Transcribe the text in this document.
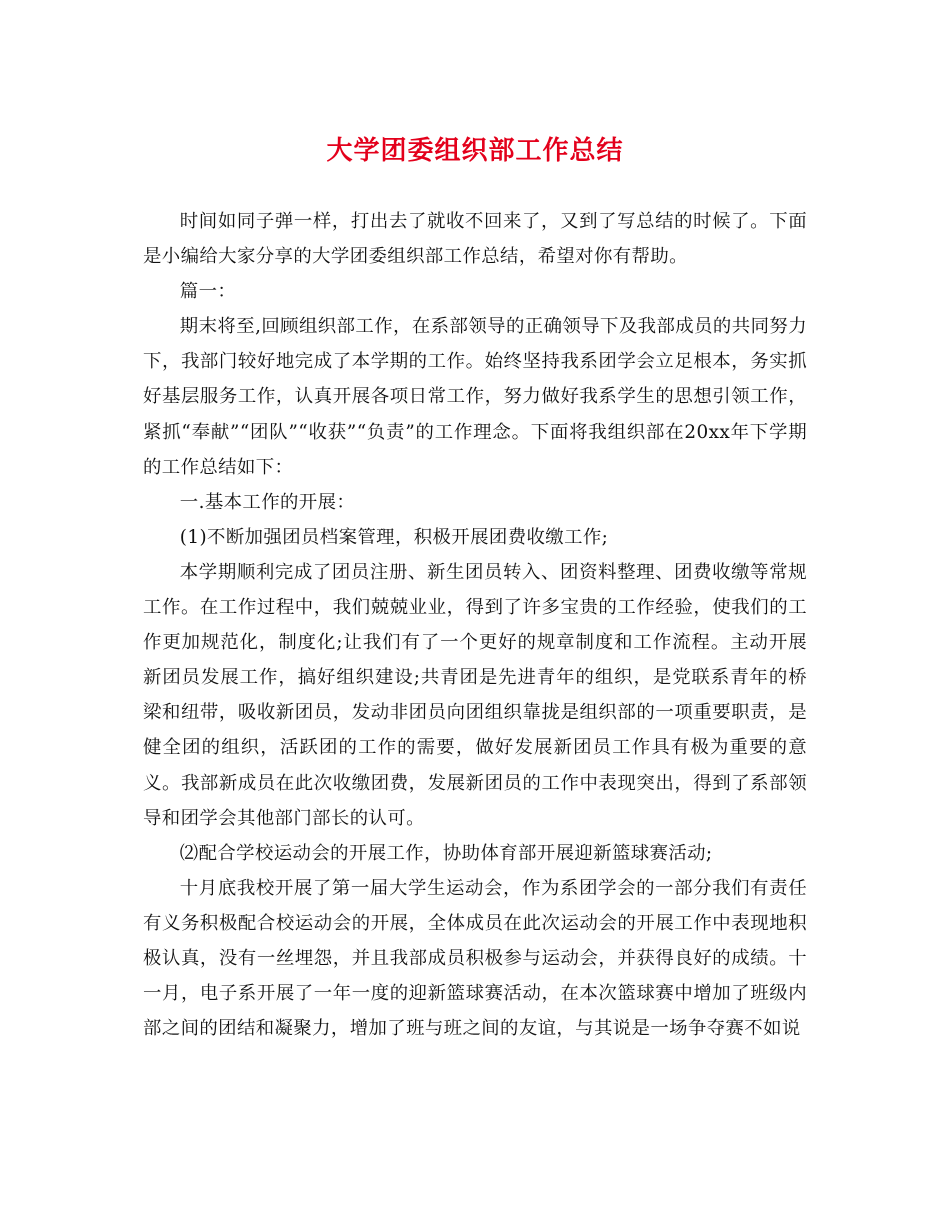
大学团委组织部工作总结

时间如同子弹一样，打出去了就收不回来了，又到了写总结的时候了。下面是小编给大家分享的大学团委组织部工作总结，希望对你有帮助。

篇一：

期末将至,回顾组织部工作，在系部领导的正确领导下及我部成员的共同努力下，我部门较好地完成了本学期的工作。始终坚持我系团学会立足根本，务实抓好基层服务工作，认真开展各项日常工作，努力做好我系学生的思想引领工作，紧抓“奉献”“团队”“收获”“负责”的工作理念。下面将我组织部在20xx年下学期的工作总结如下：

一.基本工作的开展：

(1)不断加强团员档案管理，积极开展团费收缴工作;

本学期顺利完成了团员注册、新生团员转入、团资料整理、团费收缴等常规工作。在工作过程中，我们兢兢业业，得到了许多宝贵的工作经验，使我们的工作更加规范化，制度化;让我们有了一个更好的规章制度和工作流程。主动开展新团员发展工作，搞好组织建设;共青团是先进青年的组织，是党联系青年的桥梁和纽带，吸收新团员，发动非团员向团组织靠拢是组织部的一项重要职责，是健全团的组织，活跃团的工作的需要，做好发展新团员工作具有极为重要的意义。我部新成员在此次收缴团费，发展新团员的工作中表现突出，得到了系部领导和团学会其他部门部长的认可。

⑵配合学校运动会的开展工作，协助体育部开展迎新篮球赛活动;

十月底我校开展了第一届大学生运动会，作为系团学会的一部分我们有责任有义务积极配合校运动会的开展，全体成员在此次运动会的开展工作中表现地积极认真，没有一丝埋怨，并且我部成员积极参与运动会，并获得良好的成绩。十一月，电子系开展了一年一度的迎新篮球赛活动，在本次篮球赛中增加了班级内部之间的团结和凝聚力，增加了班与班之间的友谊，与其说是一场争夺赛不如说
